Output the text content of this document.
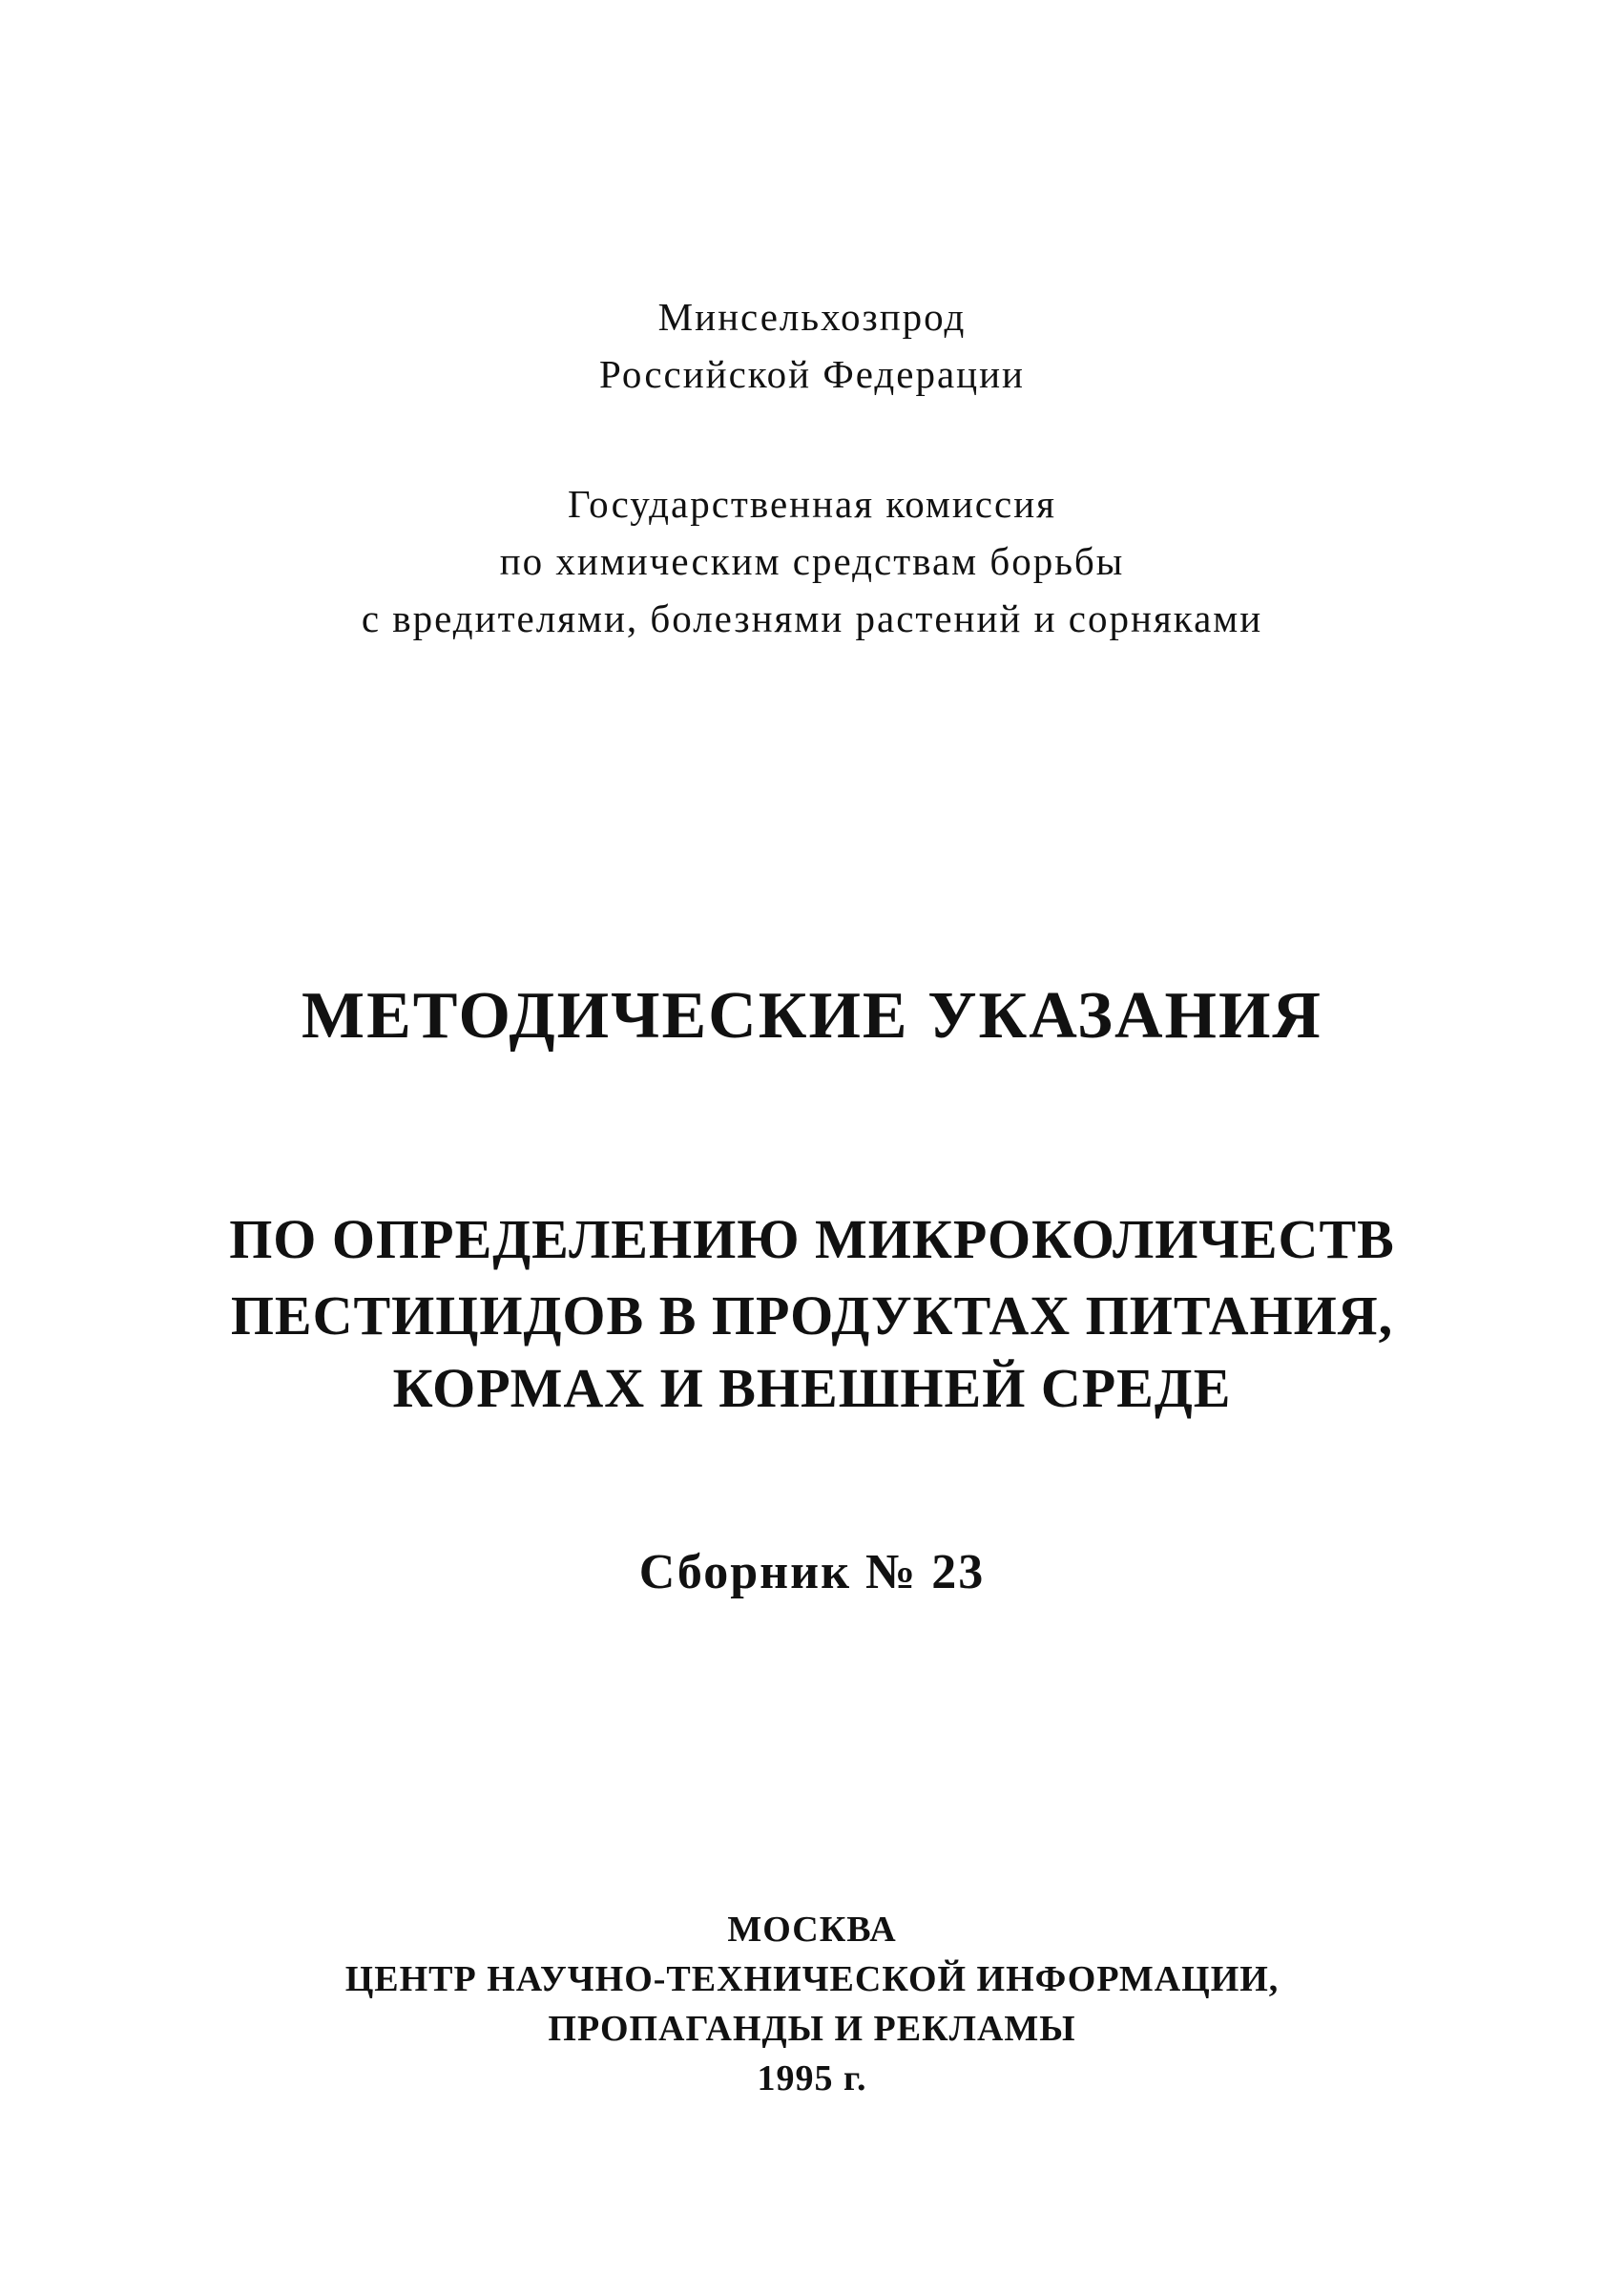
Минсельхозпрод
Российской Федерации
Государственная комиссия
по химическим средствам борьбы
с вредителями, болезнями растений и сорняками
МЕТОДИЧЕСКИЕ УКАЗАНИЯ
ПО ОПРЕДЕЛЕНИЮ МИКРОКОЛИЧЕСТВ
ПЕСТИЦИДОВ В ПРОДУКТАХ ПИТАНИЯ,
КОРМАХ И ВНЕШНЕЙ СРЕДЕ
Сборник № 23
МОСКВА
ЦЕНТР НАУЧНО-ТЕХНИЧЕСКОЙ ИНФОРМАЦИИ,
ПРОПАГАНДЫ И РЕКЛАМЫ
1995 г.
